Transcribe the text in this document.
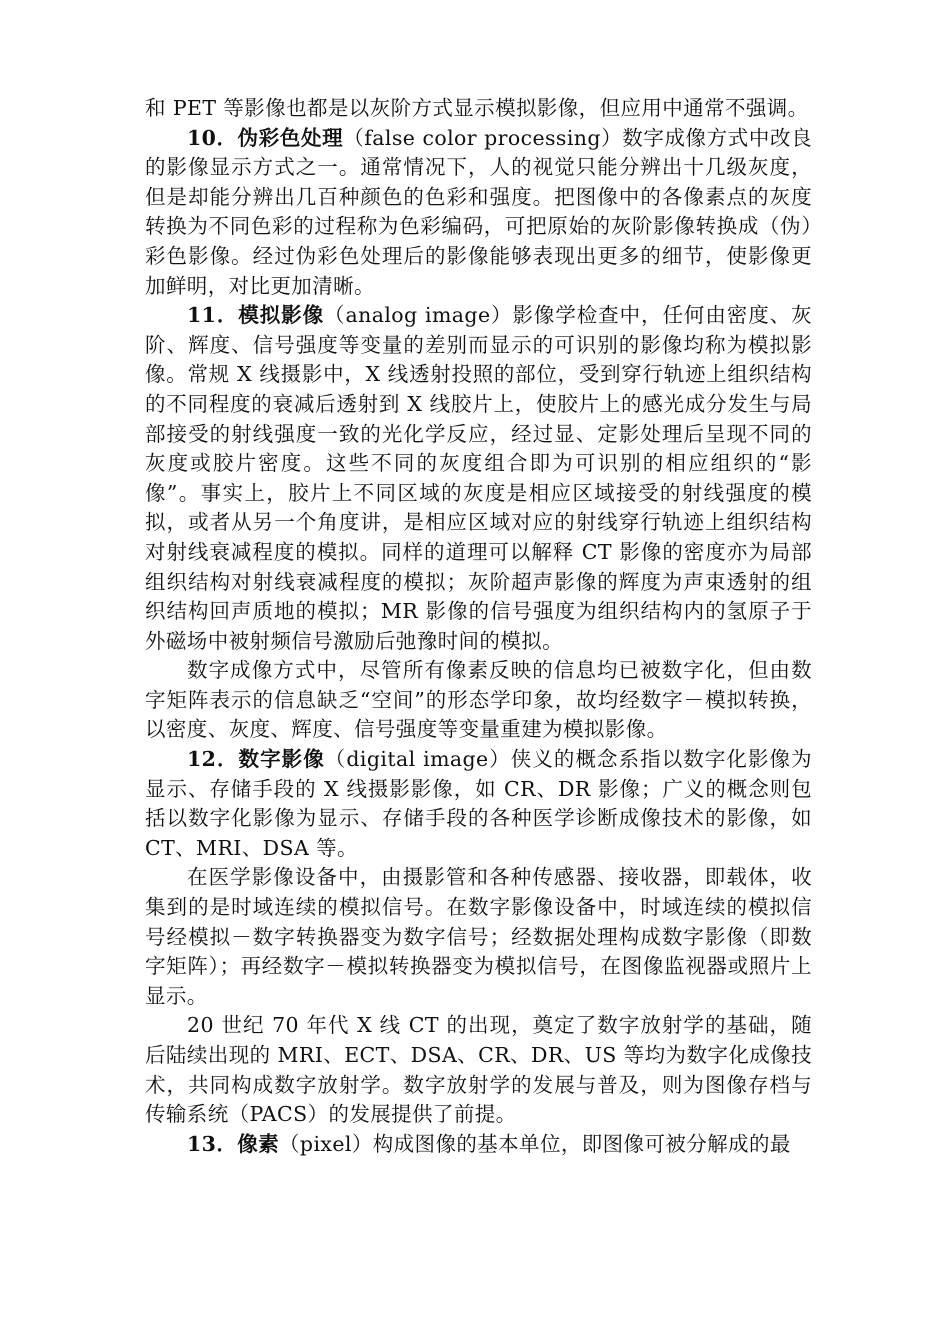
和 PET 等影像也都是以灰阶方式显示模拟影像，但应用中通常不强调。

10．伪彩色处理（false color processing）数字成像方式中改良的影像显示方式之一。通常情况下，人的视觉只能分辨出十几级灰度，但是却能分辨出几百种颜色的色彩和强度。把图像中的各像素点的灰度转换为不同色彩的过程称为色彩编码，可把原始的灰阶影像转换成（伪）彩色影像。经过伪彩色处理后的影像能够表现出更多的细节，使影像更加鲜明，对比更加清晰。

11．模拟影像（analog image）影像学检查中，任何由密度、灰阶、辉度、信号强度等变量的差别而显示的可识别的影像均称为模拟影像。常规 X 线摄影中，X 线透射投照的部位，受到穿行轨迹上组织结构的不同程度的衰减后透射到 X 线胶片上，使胶片上的感光成分发生与局部接受的射线强度一致的光化学反应，经过显、定影处理后呈现不同的灰度或胶片密度。这些不同的灰度组合即为可识别的相应组织的“影像”。事实上，胶片上不同区域的灰度是相应区域接受的射线强度的模拟，或者从另一个角度讲，是相应区域对应的射线穿行轨迹上组织结构对射线衰减程度的模拟。同样的道理可以解释 CT 影像的密度亦为局部组织结构对射线衰减程度的模拟；灰阶超声影像的辉度为声束透射的组织结构回声质地的模拟；MR 影像的信号强度为组织结构内的氢原子于外磁场中被射频信号激励后弛豫时间的模拟。

数字成像方式中，尽管所有像素反映的信息均已被数字化，但由数字矩阵表示的信息缺乏“空间”的形态学印象，故均经数字－模拟转换，以密度、灰度、辉度、信号强度等变量重建为模拟影像。

12．数字影像（digital image）侠义的概念系指以数字化影像为显示、存储手段的 X 线摄影影像，如 CR、DR 影像；广义的概念则包括以数字化影像为显示、存储手段的各种医学诊断成像技术的影像，如 CT、MRI、DSA 等。

在医学影像设备中，由摄影管和各种传感器、接收器，即载体，收集到的是时域连续的模拟信号。在数字影像设备中，时域连续的模拟信号经模拟－数字转换器变为数字信号；经数据处理构成数字影像（即数字矩阵）；再经数字－模拟转换器变为模拟信号，在图像监视器或照片上显示。

20 世纪 70 年代 X 线 CT 的出现，奠定了数字放射学的基础，随后陆续出现的 MRI、ECT、DSA、CR、DR、US 等均为数字化成像技术，共同构成数字放射学。数字放射学的发展与普及，则为图像存档与传输系统（PACS）的发展提供了前提。

13．像素（pixel）构成图像的基本单位，即图像可被分解成的最
